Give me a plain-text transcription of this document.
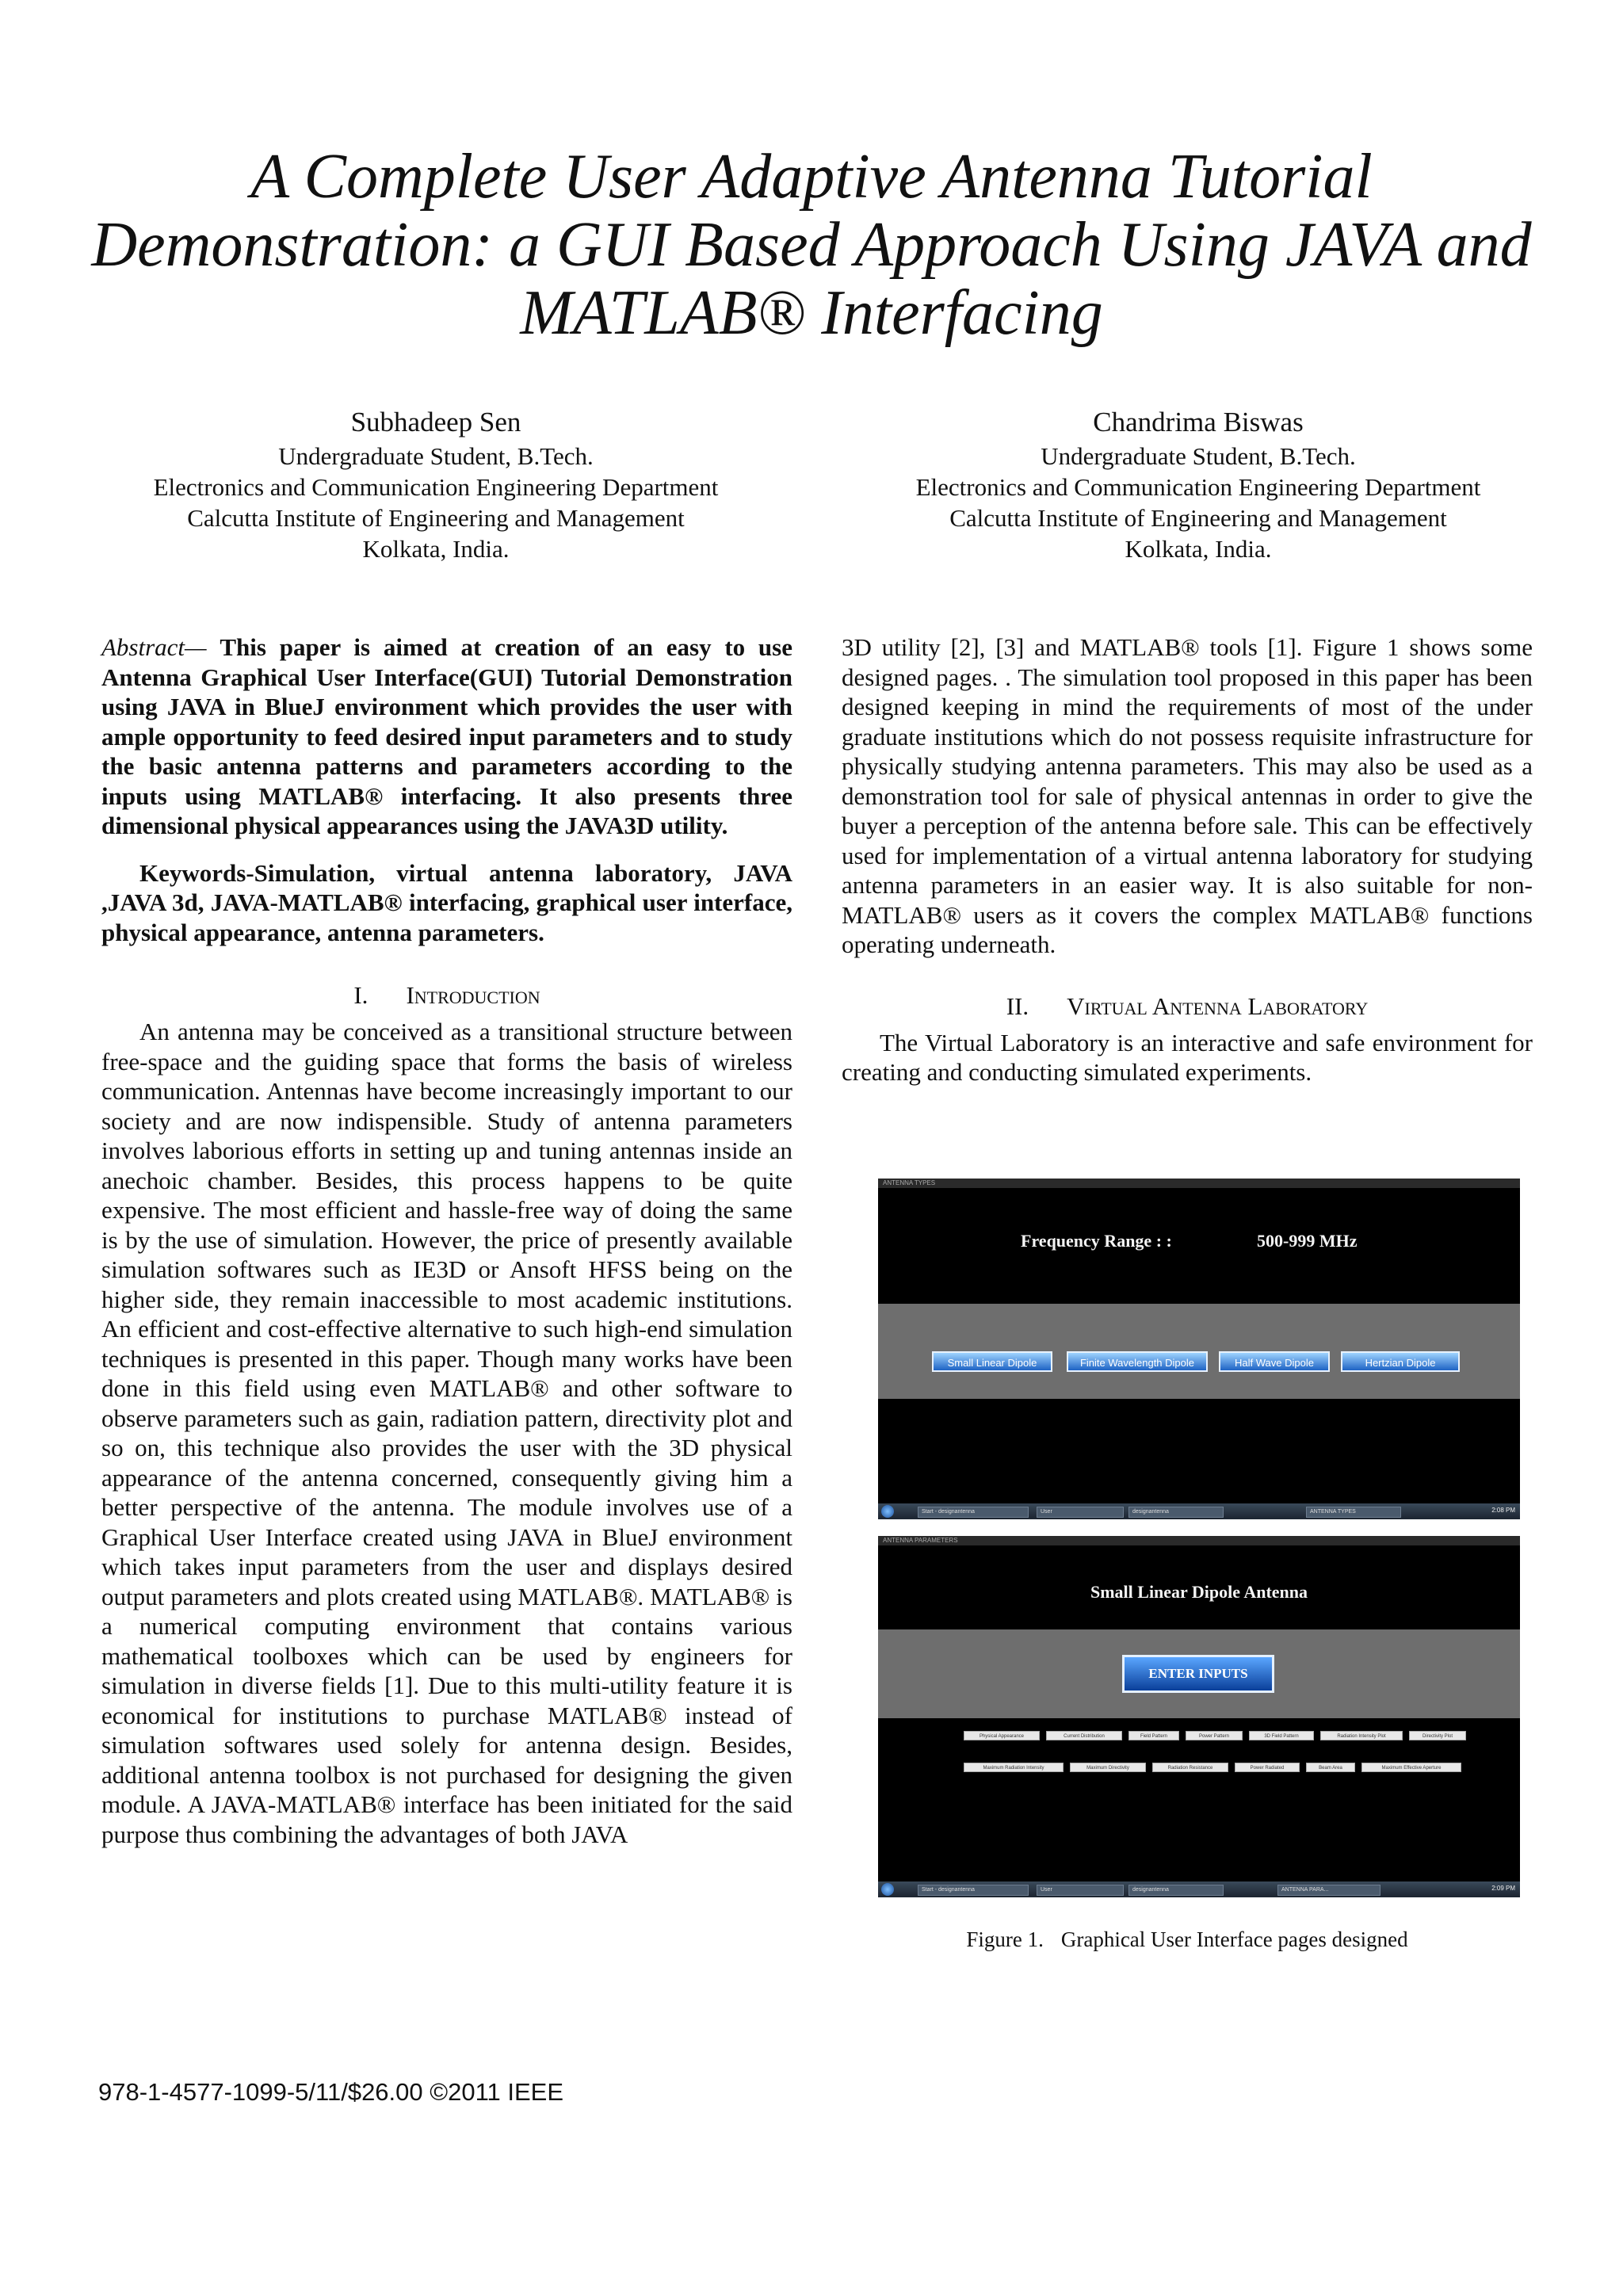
A Complete User Adaptive Antenna Tutorial Demonstration: a GUI Based Approach Using JAVA and MATLAB® Interfacing
Subhadeep Sen
Undergraduate Student, B.Tech.
Electronics and Communication Engineering Department
Calcutta Institute of Engineering and Management
Kolkata, India.
Chandrima Biswas
Undergraduate Student, B.Tech.
Electronics and Communication Engineering Department
Calcutta Institute of Engineering and Management
Kolkata, India.

Abstract— This paper is aimed at creation of an easy to use Antenna Graphical User Interface(GUI) Tutorial Demonstration using JAVA in BlueJ environment which provides the user with ample opportunity to feed desired input parameters and to study the basic antenna patterns and parameters according to the inputs using MATLAB® interfacing. It also presents three dimensional physical appearances using the JAVA3D utility.

Keywords-Simulation, virtual antenna laboratory, JAVA ,JAVA 3d, JAVA-MATLAB® interfacing, graphical user interface, physical appearance, antenna parameters.

I. Introduction

An antenna may be conceived as a transitional structure between free-space and the guiding space that forms the basis of wireless communication. Antennas have become increasingly important to our society and are now indispensible. Study of antenna parameters involves laborious efforts in setting up and tuning antennas inside an anechoic chamber. Besides, this process happens to be quite expensive. The most efficient and hassle-free way of doing the same is by the use of simulation. However, the price of presently available simulation softwares such as IE3D or Ansoft HFSS being on the higher side, they remain inaccessible to most academic institutions. An efficient and cost-effective alternative to such high-end simulation techniques is presented in this paper. Though many works have been done in this field using even MATLAB® and other software to observe parameters such as gain, radiation pattern, directivity plot and so on, this technique also provides the user with the 3D physical appearance of the antenna concerned, consequently giving him a better perspective of the antenna. The module involves use of a Graphical User Interface created using JAVA in BlueJ environment which takes input parameters from the user and displays desired output parameters and plots created using MATLAB®. MATLAB® is a numerical computing environment that contains various mathematical toolboxes which can be used by engineers for simulation in diverse fields [1]. Due to this multi-utility feature it is economical for institutions to purchase MATLAB® instead of simulation softwares used solely for antenna design. Besides, additional antenna toolbox is not purchased for designing the given module. A JAVA-MATLAB® interface has been initiated for the said purpose thus combining the advantages of both JAVA

3D utility [2], [3] and MATLAB® tools [1]. Figure 1 shows some designed pages. . The simulation tool proposed in this paper has been designed keeping in mind the requirements of most of the under graduate institutions which do not possess requisite infrastructure for physically studying antenna parameters. This may also be used as a demonstration tool for sale of physical antennas in order to give the buyer a perception of the antenna before sale. This can be effectively used for implementation of a virtual antenna laboratory for studying antenna parameters in an easier way. It is also suitable for non-MATLAB® users as it covers the complex MATLAB® functions operating underneath.

II. Virtual Antenna Laboratory

The Virtual Laboratory is an interactive and safe environment for creating and conducting simulated experiments.

ANTENNA TYPES
Frequency Range : :	500-999 MHz
Small Linear Dipole	Finite Wavelength Dipole	Half Wave Dipole	Hertzian Dipole
Start - designantenna	User	designantenna	ANTENNA TYPES	2:08 PM
ANTENNA PARAMETERS
Small Linear Dipole Antenna
ENTER INPUTS
Physical Appearance	Current Distribution	Field Pattern	Power Pattern	3D Field Pattern	Radiation Intensity Plot	Directivity Plot
Maximum Radiation Intensity	Maximum Directivity	Radiation Resistance	Power Radiated	Beam Area	Maximum Effective Aperture
Start - designantenna	User	designantenna	ANTENNA PARA...	2:09 PM
Figure 1. Graphical User Interface pages designed
978-1-4577-1099-5/11/$26.00 ©2011 IEEE
